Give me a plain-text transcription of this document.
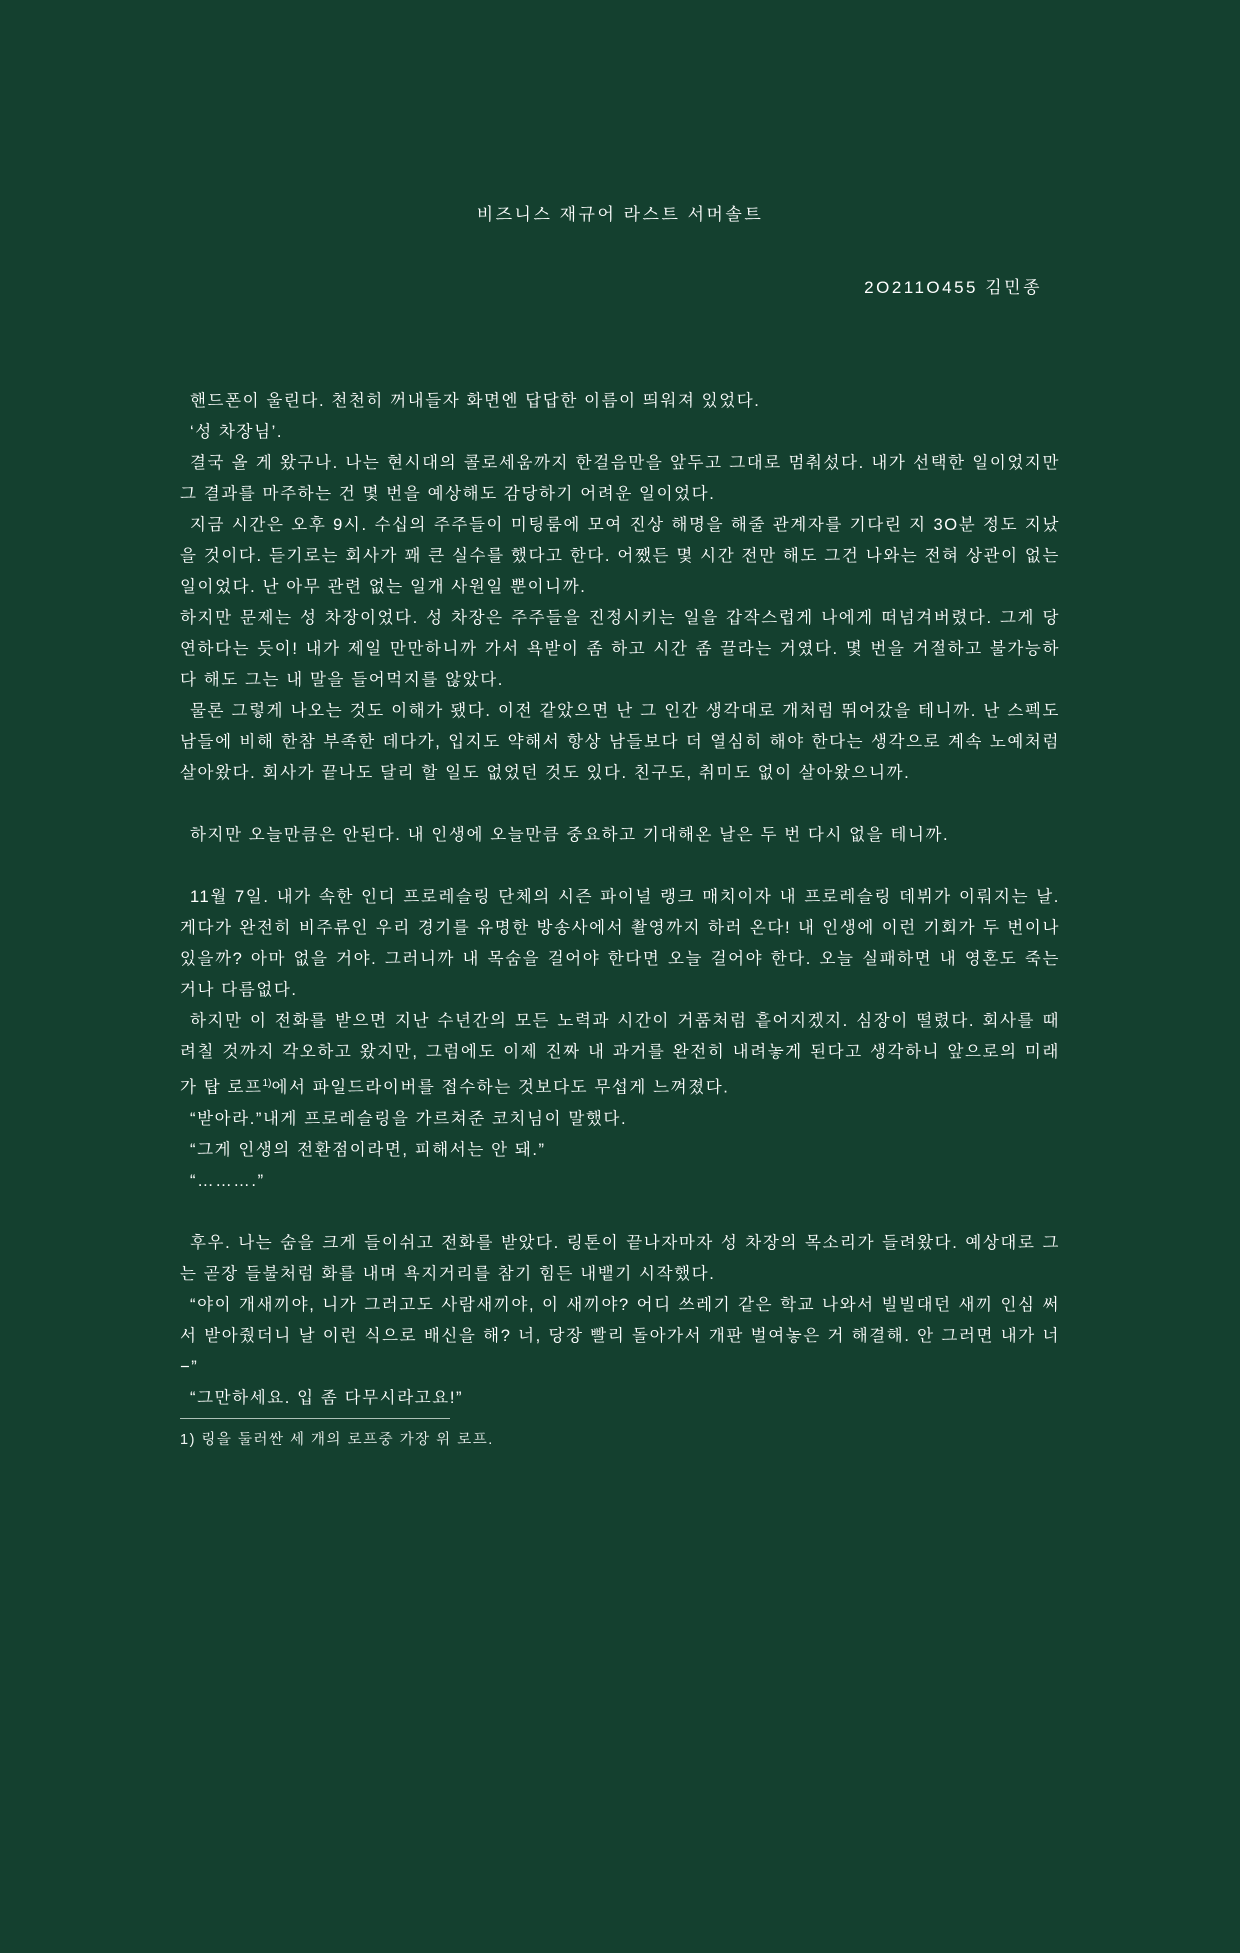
비즈니스 재규어 라스트 서머솔트
2O211O455 김민종

핸드폰이 울린다. 천천히 꺼내들자 화면엔 답답한 이름이 띄워져 있었다.

‘성 차장님’.

결국 올 게 왔구나. 나는 현시대의 콜로세움까지 한걸음만을 앞두고 그대로 멈춰섰다. 내가 선택한 일이었지만 그 결과를 마주하는 건 몇 번을 예상해도 감당하기 어려운 일이었다.

지금 시간은 오후 9시. 수십의 주주들이 미팅룸에 모여 진상 해명을 해줄 관계자를 기다린 지 3O분 정도 지났을 것이다. 듣기로는 회사가 꽤 큰 실수를 했다고 한다. 어쨌든 몇 시간 전만 해도 그건 나와는 전혀 상관이 없는 일이었다. 난 아무 관련 없는 일개 사원일 뿐이니까.

하지만 문제는 성 차장이었다. 성 차장은 주주들을 진정시키는 일을 갑작스럽게 나에게 떠넘겨버렸다. 그게 당연하다는 듯이! 내가 제일 만만하니까 가서 욕받이 좀 하고 시간 좀 끌라는 거였다. 몇 번을 거절하고 불가능하다 해도 그는 내 말을 들어먹지를 않았다.

물론 그렇게 나오는 것도 이해가 됐다. 이전 같았으면 난 그 인간 생각대로 개처럼 뛰어갔을 테니까. 난 스펙도 남들에 비해 한참 부족한 데다가, 입지도 약해서 항상 남들보다 더 열심히 해야 한다는 생각으로 계속 노예처럼 살아왔다. 회사가 끝나도 달리 할 일도 없었던 것도 있다. 친구도, 취미도 없이 살아왔으니까.

하지만 오늘만큼은 안된다. 내 인생에 오늘만큼 중요하고 기대해온 날은 두 번 다시 없을 테니까.

11월 7일. 내가 속한 인디 프로레슬링 단체의 시즌 파이널 랭크 매치이자 내 프로레슬링 데뷔가 이뤄지는 날. 게다가 완전히 비주류인 우리 경기를 유명한 방송사에서 촬영까지 하러 온다! 내 인생에 이런 기회가 두 번이나 있을까? 아마 없을 거야. 그러니까 내 목숨을 걸어야 한다면 오늘 걸어야 한다. 오늘 실패하면 내 영혼도 죽는 거나 다름없다.

하지만 이 전화를 받으면 지난 수년간의 모든 노력과 시간이 거품처럼 흩어지겠지. 심장이 떨렸다. 회사를 때려칠 것까지 각오하고 왔지만, 그럼에도 이제 진짜 내 과거를 완전히 내려놓게 된다고 생각하니 앞으로의 미래가 탑 로프$^{1)}$에서 파일드라이버를 접수하는 것보다도 무섭게 느껴졌다.

“받아라.”내게 프로레슬링을 가르쳐준 코치님이 말했다.

“그게 인생의 전환점이라면, 피해서는 안 돼.”

“……….”

후우. 나는 숨을 크게 들이쉬고 전화를 받았다. 링톤이 끝나자마자 성 차장의 목소리가 들려왔다. 예상대로 그는 곧장 들불처럼 화를 내며 욕지거리를 참기 힘든 내뱉기 시작했다.

“야이 개새끼야, 니가 그러고도 사람새끼야, 이 새끼야? 어디 쓰레기 같은 학교 나와서 빌빌대던 새끼 인심 써서 받아줬더니 날 이런 식으로 배신을 해? 너, 당장 빨리 돌아가서 개판 벌여놓은 거 해결해. 안 그러면 내가 너−”

“그만하세요. 입 좀 다무시라고요!”

1) 링을 둘러싼 세 개의 로프중 가장 위 로프.
